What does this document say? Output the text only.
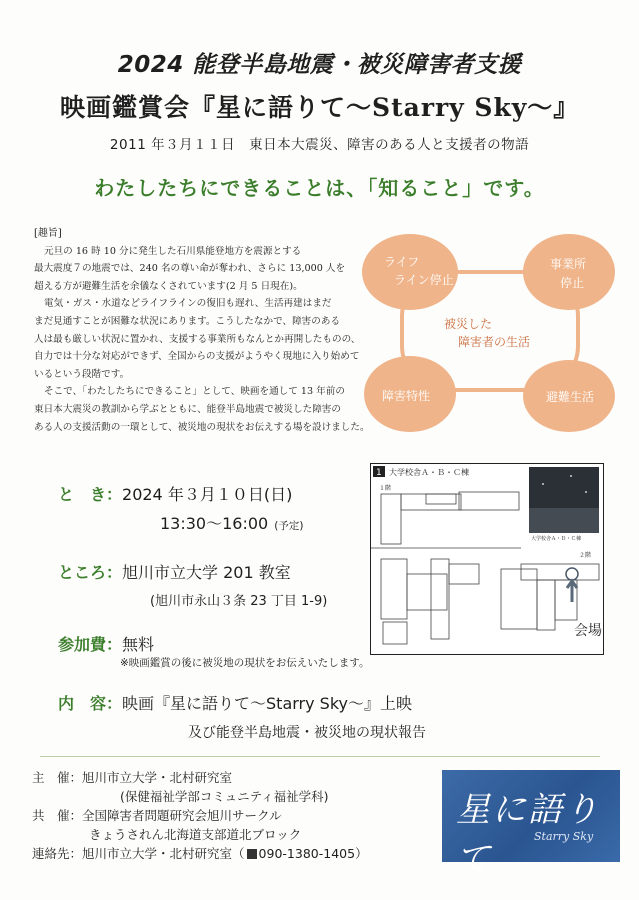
2024 能登半島地震・被災障害者支援
映画鑑賞会『星に語りて〜Starry Sky〜』
2011 年３月１１日　東日本大震災、障害のある人と支援者の物語
わたしたちにできることは、「知ること」です。
[趣旨]

元旦の 16 時 10 分に発生した石川県能登地方を震源とする

最大震度７の地震では、240 名の尊い命が奪われ、さらに 13,000 人を

超える方が避難生活を余儀なくされています(2 月 5 日現在)。

電気・ガス・水道などライフラインの復旧も遅れ、生活再建はまだ

まだ見通すことが困難な状況にあります。こうしたなかで、障害のある

人は最も厳しい状況に置かれ、支援する事業所もなんとか再開したものの、

自力では十分な対応ができず、全国からの支援がようやく現地に入り始めて

いるという段階です。

そこで、「わたしたちにできること」として、映画を通して 13 年前の

東日本大震災の教訓から学ぶとともに、能登半島地震で被災した障害の

ある人の支援活動の一環として、被災地の現状をお伝えする場を設けました。

ライフ
ライン停止
事業所
停止
障害特性	避難生活
被災した
障害者の生活
と　き：2024 年３月１０日(日)
13:30〜16:00 (予定)
ところ：旭川市立大学 201 教室
(旭川市永山３条 23 丁目 1-9)
参加費：無料
※映画鑑賞の後に被災地の現状をお伝えいたします。
内　容：映画『星に語りて〜Starry Sky〜』上映
及び能登半島地震・被災地の現状報告
1 大学校舎Ａ・Ｂ・Ｃ棟
１階
大学校舎Ａ・Ｂ・Ｃ棟
２階
会場
主　催：旭川市立大学・北村研究室
(保健福祉学部コミュニティ福祉学科)
共　催：全国障害者問題研究会旭川サークル
きょうされん北海道支部道北ブロック
連絡先：旭川市立大学・北村研究室（ 090-1380-1405）
星に語りて
Starry Sky
